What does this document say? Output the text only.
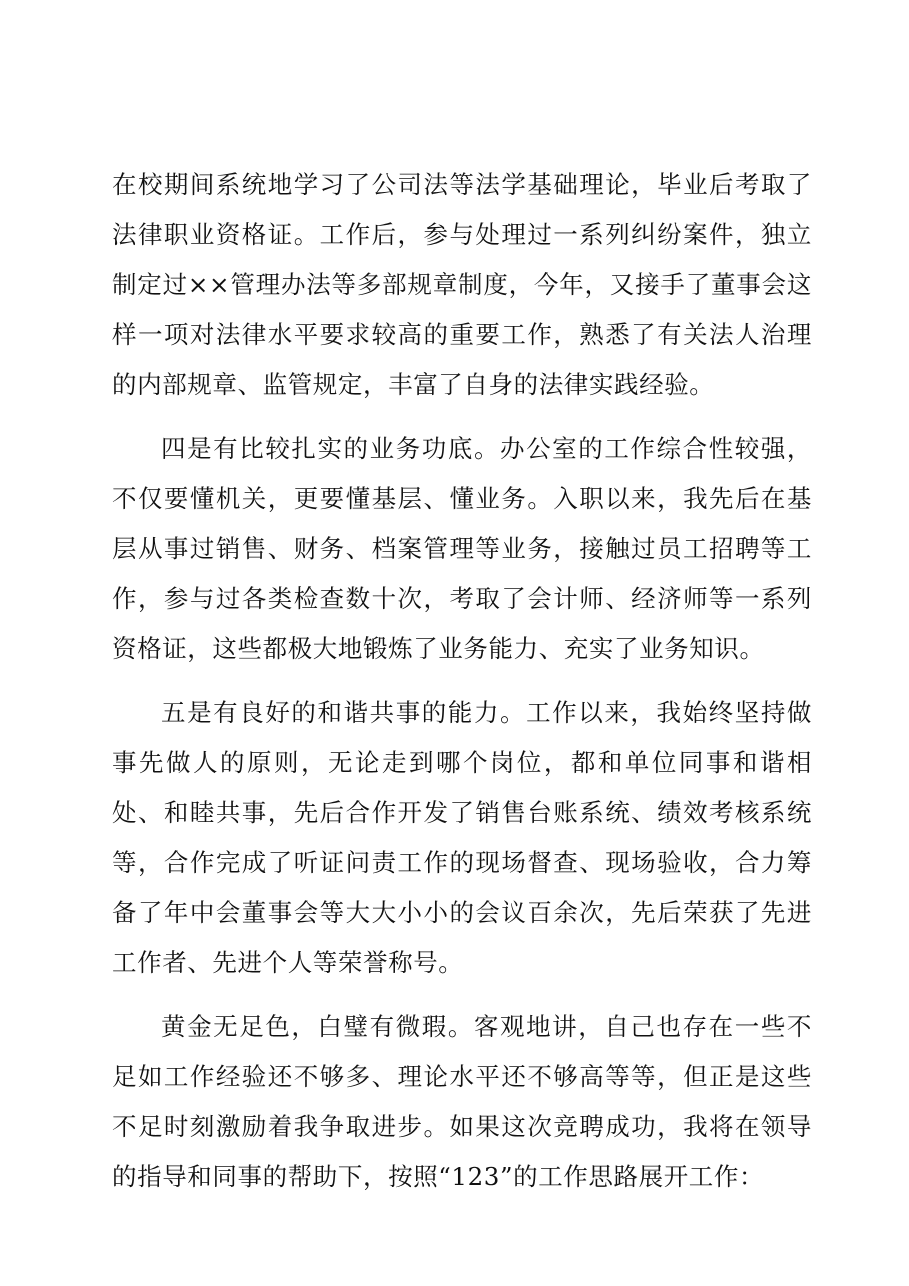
在校期间系统地学习了公司法等法学基础理论，毕业后考取了法律职业资格证。工作后，参与处理过一系列纠纷案件，独立制定过××管理办法等多部规章制度，今年，又接手了董事会这样一项对法律水平要求较高的重要工作，熟悉了有关法人治理的内部规章、监管规定，丰富了自身的法律实践经验。

四是有比较扎实的业务功底。办公室的工作综合性较强，不仅要懂机关，更要懂基层、懂业务。入职以来，我先后在基层从事过销售、财务、档案管理等业务，接触过员工招聘等工作，参与过各类检查数十次，考取了会计师、经济师等一系列资格证，这些都极大地锻炼了业务能力、充实了业务知识。

五是有良好的和谐共事的能力。工作以来，我始终坚持做事先做人的原则，无论走到哪个岗位，都和单位同事和谐相处、和睦共事，先后合作开发了销售台账系统、绩效考核系统等，合作完成了听证问责工作的现场督查、现场验收，合力筹备了年中会董事会等大大小小的会议百余次，先后荣获了先进工作者、先进个人等荣誉称号。

黄金无足色，白璧有微瑕。客观地讲，自己也存在一些不足如工作经验还不够多、理论水平还不够高等等，但正是这些不足时刻激励着我争取进步。如果这次竞聘成功，我将在领导的指导和同事的帮助下，按照“123”的工作思路展开工作：
